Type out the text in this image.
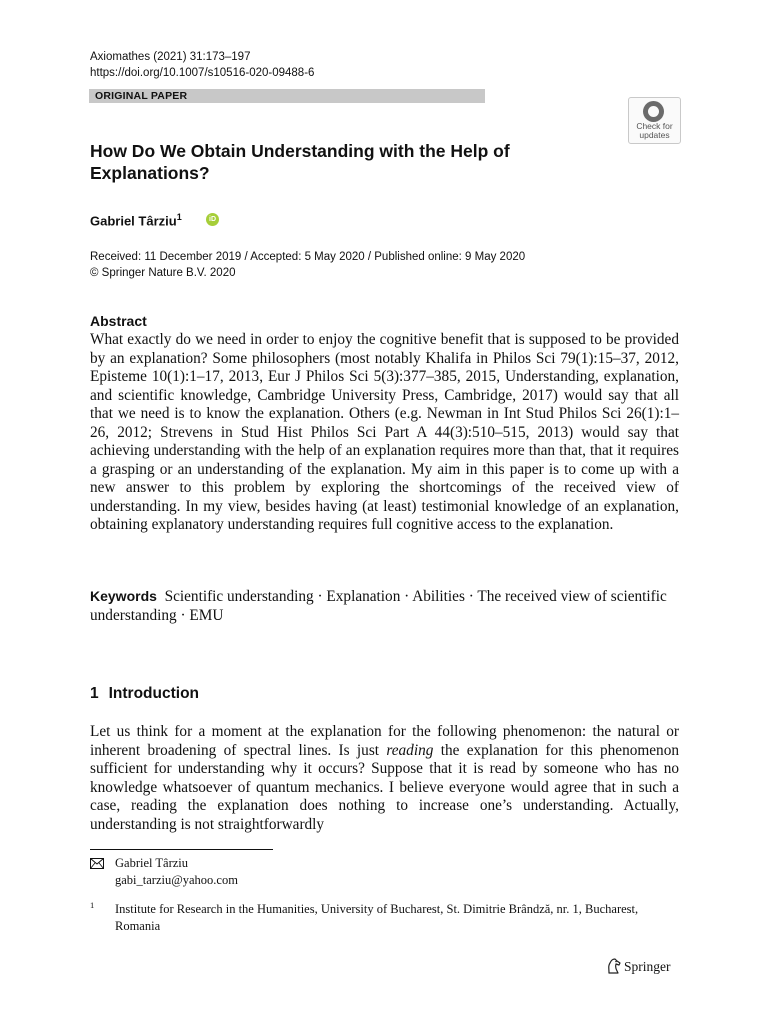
Axiomathes (2021) 31:173–197
https://doi.org/10.1007/s10516-020-09488-6
ORIGINAL PAPER
Check for
updates
How Do We Obtain Understanding with the Help of Explanations?
Gabriel Târziu$^1$	iD
Received: 11 December 2019 / Accepted: 5 May 2020 / Published online: 9 May 2020
© Springer Nature B.V. 2020
Abstract

What exactly do we need in order to enjoy the cognitive benefit that is supposed to be provided by an explanation? Some philosophers (most notably Khalifa in Philos Sci 79(1):15–37, 2012, Episteme 10(1):1–17, 2013, Eur J Philos Sci 5(3):377–385, 2015, Understanding, explanation, and scientific knowledge, Cambridge University Press, Cambridge, 2017) would say that all that we need is to know the explanation. Others (e.g. Newman in Int Stud Philos Sci 26(1):1–26, 2012; Strevens in Stud Hist Philos Sci Part A 44(3):510–515, 2013) would say that achieving understanding with the help of an explanation requires more than that, that it requires a grasping or an understanding of the explanation. My aim in this paper is to come up with a new answer to this problem by exploring the shortcomings of the received view of understanding. In my view, besides having (at least) testimonial knowledge of an explanation, obtaining explanatory understanding requires full cognitive access to the explanation.

Keywords Scientific understanding · Explanation · Abilities · The received view of scientific understanding · EMU

1 Introduction

Let us think for a moment at the explanation for the following phenomenon: the natural or inherent broadening of spectral lines. Is just reading the explanation for this phenomenon sufficient for understanding why it occurs? Suppose that it is read by someone who has no knowledge whatsoever of quantum mechanics. I believe everyone would agree that in such a case, reading the explanation does nothing to increase one’s understanding. Actually, understanding is not straightforwardly

Gabriel Târziu
gabi_tarziu@yahoo.com
1 Institute for Research in the Humanities, University of Bucharest, St. Dimitrie Brândză, nr. 1, Bucharest, Romania

Springer
